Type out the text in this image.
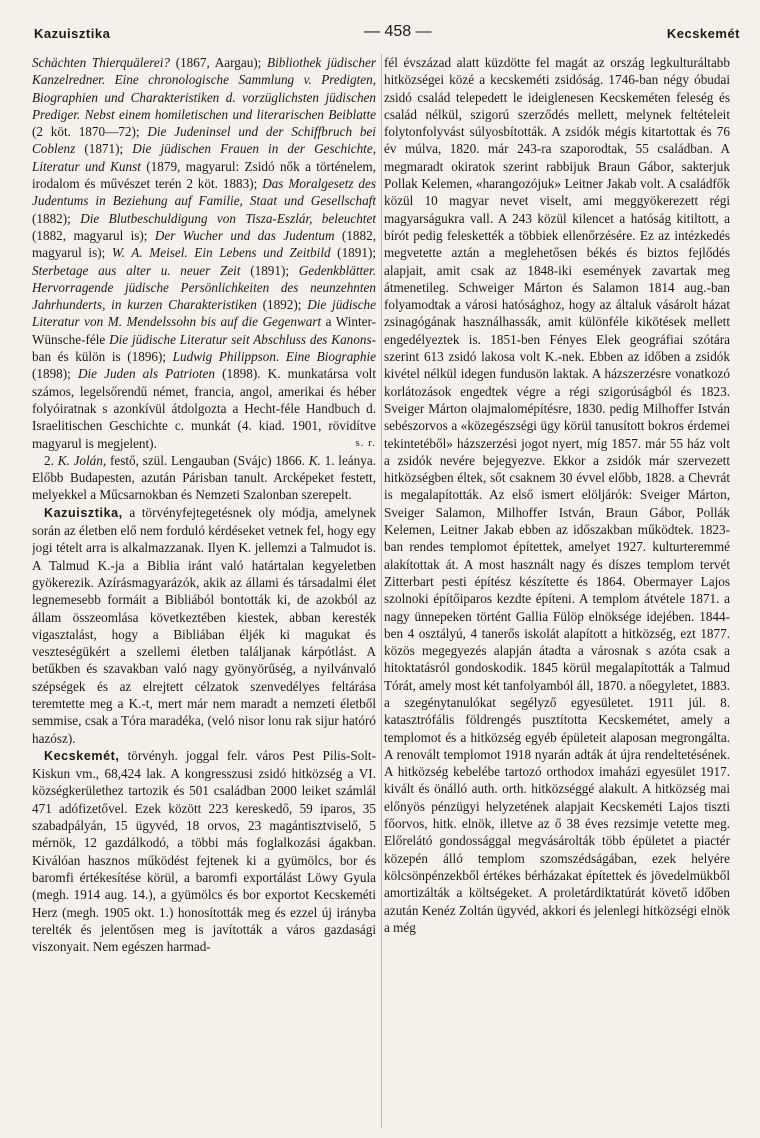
Kazuisztika	— 458 —	Kecskemét

Schächten Thierquälerei? (1867, Aargau); Bibliothek jüdischer Kanzelredner. Eine chronologische Sammlung v. Predigten, Biographien und Charakteristiken d. vorzüglichsten jüdischen Prediger. Nebst einem homiletischen und literarischen Beiblatte (2 köt. 1870—72); Die Judeninsel und der Schiffbruch bei Coblenz (1871); Die jüdischen Frauen in der Geschichte, Literatur und Kunst (1879, magyarul: Zsidó nők a történelem, irodalom és művészet terén 2 köt. 1883); Das Moralgesetz des Judentums in Beziehung auf Familie, Staat und Gesellschaft (1882); Die Blutbeschuldigung von Tisza-Eszlár, beleuchtet (1882, magyarul is); Der Wucher und das Judentum (1882, magyarul is); W. A. Meisel. Ein Lebens und Zeitbild (1891); Sterbetage aus alter u. neuer Zeit (1891); Gedenkblätter. Hervorragende jüdische Persönlichkeiten des neunzehnten Jahrhunderts, in kurzen Charakteristiken (1892); Die jüdische Literatur von M. Mendelssohn bis auf die Gegenwart a Winter-Wünsche-féle Die jüdische Literatur seit Abschluss des Kanons-ban és külön is (1896); Ludwig Philippson. Eine Biographie (1898); Die Juden als Patrioten (1898). K. munkatársa volt számos, legelsőrendű német, francia, angol, amerikai és héber folyóiratnak s azonkívül átdolgozta a Hecht-féle Handbuch d. Israelitischen Geschichte c. munkát (4. kiad. 1901, rövidítve magyarul is megjelent).	s. r.

2. K. Jolán, festő, szül. Lengauban (Svájc) 1866. K. 1. leánya. Előbb Budapesten, azután Párisban tanult. Arcképeket festett, melyekkel a Műcsarnokban és Nemzeti Szalonban szerepelt.

Kazuisztika, a törvényfejtegetésnek oly módja, amelynek során az életben elő nem forduló kérdéseket vetnek fel, hogy egy jogi tételt arra is alkalmazzanak. Ilyen K. jellemzi a Talmudot is. A Talmud K.-ja a Biblia iránt való határtalan kegyeletben gyökerezik. Azírásmagyarázók, akik az állami és társadalmi élet legnemesebb formáit a Bibliából bontották ki, de azokból az állam összeomlása következtében kiestek, abban keresték vigasztalást, hogy a Bibliában éljék ki magukat és veszteségükért a szellemi életben találjanak kárpótlást. A betűkben és szavakban való nagy gyönyörűség, a nyilvánvaló szépségek és az elrejtett célzatok szenvedélyes feltárása teremtette meg a K.-t, mert már nem maradt a nemzeti életből semmise, csak a Tóra maradéka, (veló nisor lonu rak sijur hatóró hazósz).

Kecskemét, törvényh. joggal felr. város Pest Pilis-Solt-Kiskun vm., 68,424 lak. A kongresszusi zsidó hitközség a VI. községkerülethez tartozik és 501 családban 2000 leiket számlál 471 adófizetővel. Ezek között 223 kereskedő, 59 iparos, 35 szabadpályán, 15 ügyvéd, 18 orvos, 23 magántisztviselő, 5 mérnök, 12 gazdálkodó, a többi más foglalkozási ágakban. Kiválóan hasznos működést fejtenek ki a gyümölcs, bor és baromfi értékesítése körül, a baromfi exportálást Löwy Gyula (megh. 1914 aug. 14.), a gyümölcs és bor exportot Kecskeméti Herz (megh. 1905 okt. 1.) honosították meg és ezzel új irányba terelték és jelentősen meg is javították a város gazdasági viszonyait. Nem egészen harmad-

fél évszázad alatt küzdötte fel magát az ország legkulturáltabb hitközségei közé a kecskeméti zsidóság. 1746-ban négy óbudai zsidó család telepedett le ideiglenesen Kecskeméten feleség és család nélkül, szigorú szerződés mellett, melynek feltételeit folytonfolyvást súlyosbították. A zsidók mégis kitartottak és 76 év múlva, 1820. már 243-ra szaporodtak, 55 családban. A megmaradt okiratok szerint rabbijuk Braun Gábor, sakterjuk Pollak Kelemen, «harangozójuk» Leitner Jakab volt. A családfők közül 10 magyar nevet viselt, ami meggyökerezett régi magyarságukra vall. A 243 közül kilencet a hatóság kitiltott, a bírót pedig feleskették a többiek ellenőrzésére. Ez az intézkedés megvetette aztán a meglehetősen békés és biztos fejlődés alapjait, amit csak az 1848-iki események zavartak meg átmenetileg. Schweiger Márton és Salamon 1814 aug.-ban folyamodtak a városi hatósághoz, hogy az általuk vásárolt házat zsinagógának használhassák, amit különféle kikötések mellett engedélyeztek is. 1851-ben Fényes Elek geográfiai szótára szerint 613 zsidó lakosa volt K.-nek. Ebben az időben a zsidók kivétel nélkül idegen fundusön laktak. A házszerzésre vonatkozó korlátozások engedtek végre a régi szigorúságból és 1823. Sveiger Márton olajmalomépítésre, 1830. pedig Milhoffer István sebészorvos a «közegészségi ügy körül tanusított bokros érdemei tekintetéből» házszerzési jogot nyert, míg 1857. már 55 ház volt a zsidók nevére bejegyezve. Ekkor a zsidók már szervezett hitközségben éltek, sőt csaknem 30 évvel előbb, 1828. a Chevrát is megalapították. Az első ismert elöljárók: Sveiger Márton, Sveiger Salamon, Milhoffer István, Braun Gábor, Pollák Kelemen, Leitner Jakab ebben az időszakban működtek. 1823-ban rendes templomot építettek, amelyet 1927. kulturteremmé alakítottak át. A most használt nagy és díszes templom tervét Zitterbart pesti építész készítette és 1864. Obermayer Lajos szolnoki építőiparos kezdte építeni. A templom átvétele 1871. a nagy ünnepeken történt Gallia Fülöp elnöksége idejében. 1844-ben 4 osztályú, 4 tanerős iskolát alapított a hitközség, ezt 1877. közös megegyezés alapján átadta a városnak s azóta csak a hitoktatásról gondoskodik. 1845 körül megalapították a Talmud Tórát, amely most két tanfolyamból áll, 1870. a nőegyletet, 1883. a szegénytanulókat segélyző egyesületet. 1911 júl. 8. katasztrófális földrengés pusztította Kecskemétet, amely a templomot és a hitközség egyéb épületeit alaposan megrongálta. A renovált templomot 1918 nyarán adták át újra rendeltetésének. A hitközség kebelébe tartozó orthodox imaházi egyesület 1917. kivált és önálló auth. orth. hitközséggé alakult. A hitközség mai előnyös pénzügyi helyzetének alapjait Kecskeméti Lajos tiszti főorvos, hitk. elnök, illetve az ő 38 éves rezsimje vetette meg. Előrelátó gondossággal megvásárolták több épületet a piactér közepén álló templom szomszédságában, ezek helyére kölcsönpénzekből értékes bérházakat építettek és jövedelmükből amortizálták a költségeket. A proletárdiktatúrát követő időben azután Kenéz Zoltán ügyvéd, akkori és jelenlegi hitközségi elnök a még
